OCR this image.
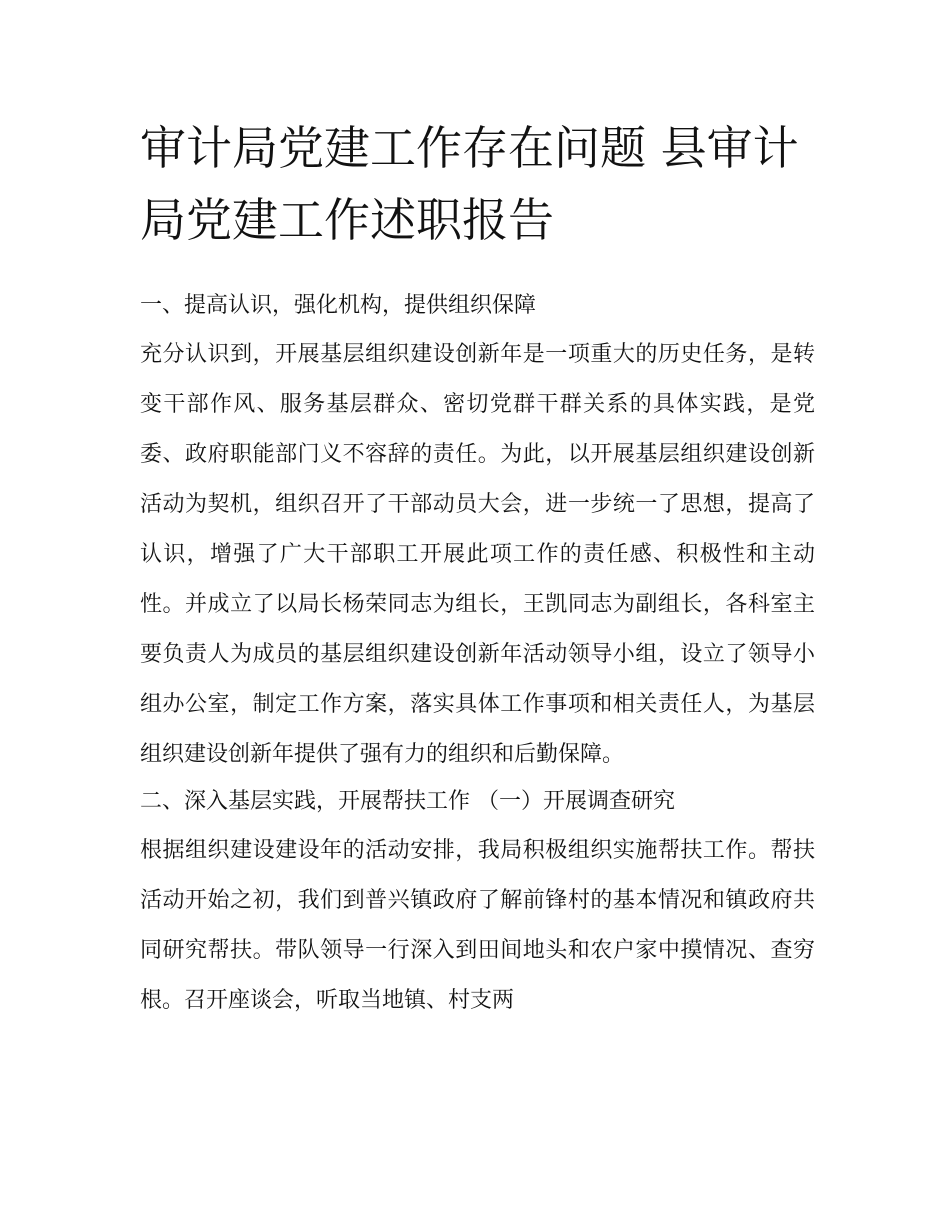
审计局党建工作存在问题 县审计局党建工作述职报告

一、提高认识，强化机构，提供组织保障

充分认识到，开展基层组织建设创新年是一项重大的历史任务，是转变干部作风、服务基层群众、密切党群干群关系的具体实践，是党委、政府职能部门义不容辞的责任。为此，以开展基层组织建设创新活动为契机，组织召开了干部动员大会，进一步统一了思想，提高了认识，增强了广大干部职工开展此项工作的责任感、积极性和主动性。并成立了以局长杨荣同志为组长，王凯同志为副组长，各科室主要负责人为成员的基层组织建设创新年活动领导小组，设立了领导小组办公室，制定工作方案，落实具体工作事项和相关责任人，为基层组织建设创新年提供了强有力的组织和后勤保障。

二、深入基层实践，开展帮扶工作 （一）开展调查研究

根据组织建设建设年的活动安排，我局积极组织实施帮扶工作。帮扶活动开始之初，我们到普兴镇政府了解前锋村的基本情况和镇政府共同研究帮扶。带队领导一行深入到田间地头和农户家中摸情况、查穷根。召开座谈会，听取当地镇、村支两
